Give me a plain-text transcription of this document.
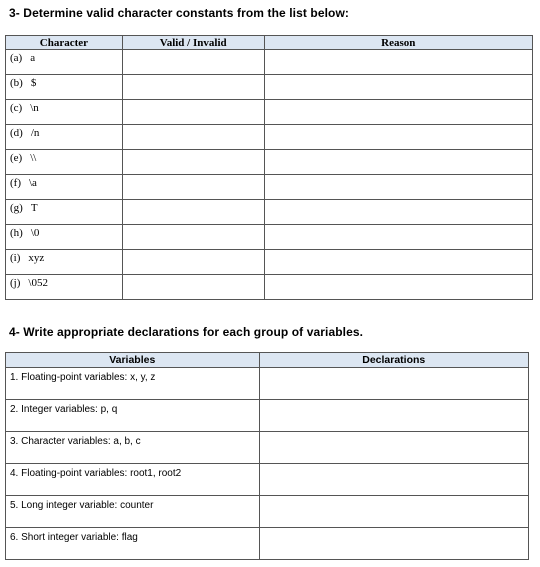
3- Determine valid character constants from the list below:
Character	Valid / Invalid	Reason
(a) a		
(b) $		
(c) \n		
(d) /n		
(e) \\		
(f) \a		
(g) T		
(h) \0		
(i) xyz		
(j) \052		
4- Write appropriate declarations for each group of variables.
Variables	Declarations
1. Floating-point variables: x, y, z	
2. Integer variables: p, q	
3. Character variables: a, b, c	
4. Floating-point variables: root1, root2	
5. Long integer variable: counter	
6. Short integer variable: flag	
